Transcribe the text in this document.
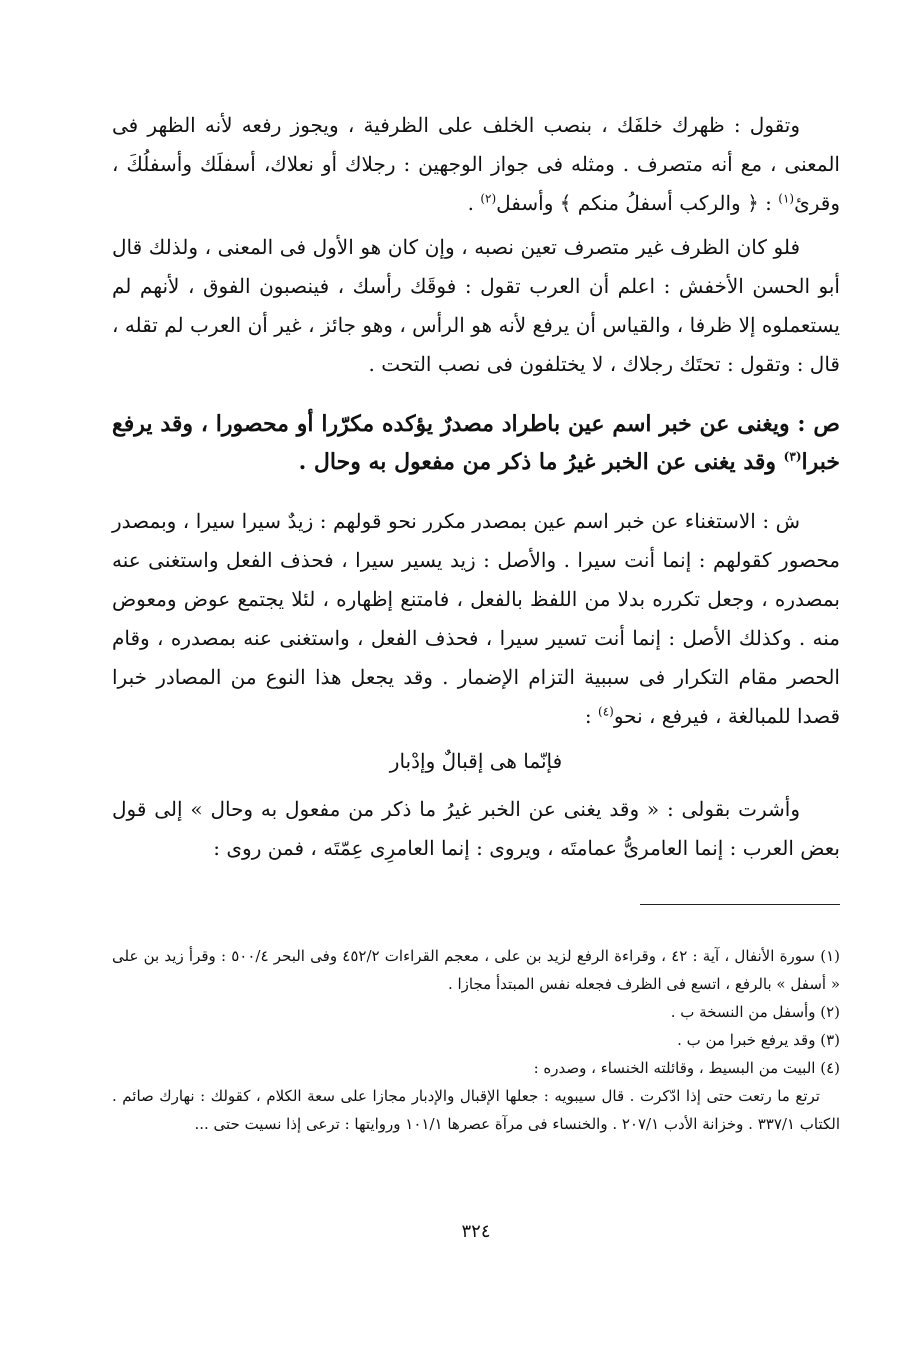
وتقول : ظهرك خلفَك ، بنصب الخلف على الظرفية ، ويجوز رفعه لأنه الظهر فى المعنى ، مع أنه متصرف . ومثله فى جواز الوجهين : رجلاك أو نعلاك، أسفلَك وأسفلُكَ ، وقرئ$^{(١)}$ : ﴿ والركب أسفلُ منكم ﴾ وأسفل$^{(٢)}$ .

فلو كان الظرف غير متصرف تعين نصبه ، وإن كان هو الأول فى المعنى ، ولذلك قال أبو الحسن الأخفش : اعلم أن العرب تقول : فوقَك رأسك ، فينصبون الفوق ، لأنهم لم يستعملوه إلا ظرفا ، والقياس أن يرفع لأنه هو الرأس ، وهو جائز ، غير أن العرب لم تقله ، قال : وتقول : تحتَك رجلاك ، لا يختلفون فى نصب التحت .

ص : ويغنى عن خبر اسم عين باطراد مصدرٌ يؤكده مكرّرا أو محصورا ، وقد يرفع خبرا$^{(٣)}$ وقد يغنى عن الخبر غيرُ ما ذكر من مفعول به وحال .

ش : الاستغناء عن خبر اسم عين بمصدر مكرر نحو قولهم : زيدٌ سيرا سيرا ، وبمصدر محصور كقولهم : إنما أنت سيرا . والأصل : زيد يسير سيرا ، فحذف الفعل واستغنى عنه بمصدره ، وجعل تكرره بدلا من اللفظ بالفعل ، فامتنع إظهاره ، لئلا يجتمع عوض ومعوض منه . وكذلك الأصل : إنما أنت تسير سيرا ، فحذف الفعل ، واستغنى عنه بمصدره ، وقام الحصر مقام التكرار فى سببية التزام الإضمار . وقد يجعل هذا النوع من المصادر خبرا قصدا للمبالغة ، فيرفع ، نحو$^{(٤)}$ :

فإنّما هى إقبالٌ وإدْبار

وأشرت بقولى : « وقد يغنى عن الخبر غيرُ ما ذكر من مفعول به وحال » إلى قول بعض العرب : إنما العامرىُّ عمامتَه ، ويروى : إنما العامرِى عِمّتَه ، فمن روى :

(١) سورة الأنفال ، آية : ٤٢ ، وقراءة الرفع لزيد بن على ، معجم القراءات ٤٥٢/٢ وفى البحر ٥٠٠/٤ : وقرأ زيد بن على « أسفل » بالرفع ، اتسع فى الظرف فجعله نفس المبتدأ مجازا .

(٢) وأسفل من النسخة ب .

(٣) وقد يرفع خبرا من ب .

(٤) البيت من البسيط ، وقائلته الخنساء ، وصدره :

ترتع ما رتعت حتى إذا ادّكرت . قال سيبويه : جعلها الإقبال والإدبار مجازا على سعة الكلام ، كقولك : نهارك صائم . الكتاب ٣٣٧/١ . وخزانة الأدب ٢٠٧/١ . والخنساء فى مرآة عصرها ١٠١/١ وروايتها : ترعى إذا نسيت حتى ...

٣٢٤
